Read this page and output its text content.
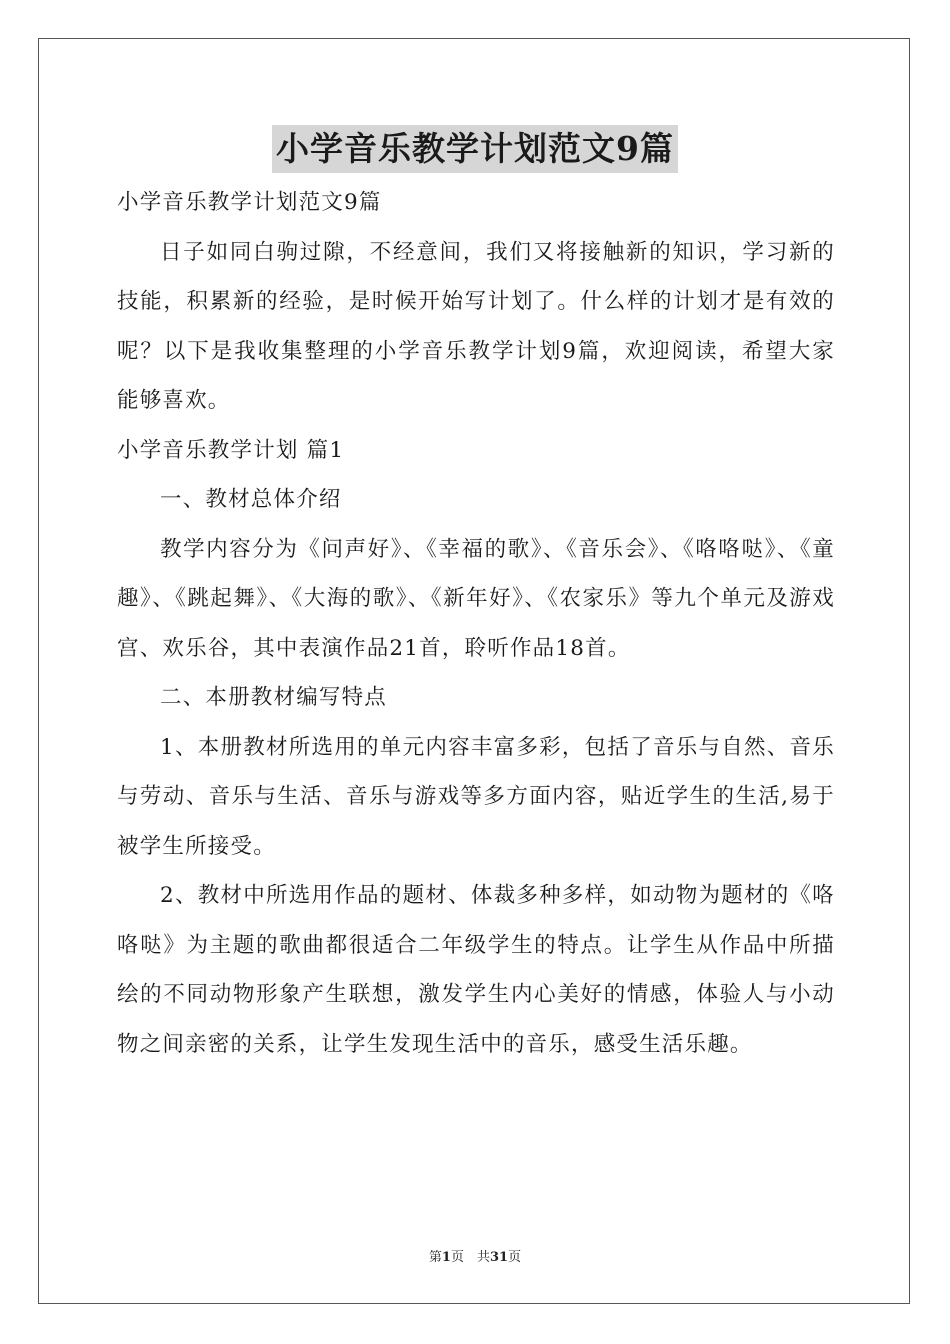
小学音乐教学计划范文9篇

小学音乐教学计划范文9篇

日子如同白驹过隙，不经意间，我们又将接触新的知识，学习新的技能，积累新的经验，是时候开始写计划了。什么样的计划才是有效的呢？以下是我收集整理的小学音乐教学计划9篇，欢迎阅读，希望大家能够喜欢。

小学音乐教学计划 篇1

一、教材总体介绍

教学内容分为《问声好》、《幸福的歌》、《音乐会》、《咯咯哒》、《童趣》、《跳起舞》、《大海的歌》、《新年好》、《农家乐》等九个单元及游戏宫、欢乐谷，其中表演作品21首，聆听作品18首。

二、本册教材编写特点

1、本册教材所选用的单元内容丰富多彩，包括了音乐与自然、音乐与劳动、音乐与生活、音乐与游戏等多方面内容，贴近学生的生活,易于被学生所接受。

2、教材中所选用作品的题材、体裁多种多样，如动物为题材的《咯咯哒》为主题的歌曲都很适合二年级学生的特点。让学生从作品中所描绘的不同动物形象产生联想，激发学生内心美好的情感，体验人与小动物之间亲密的关系，让学生发现生活中的音乐，感受生活乐趣。

第1页　共31页
